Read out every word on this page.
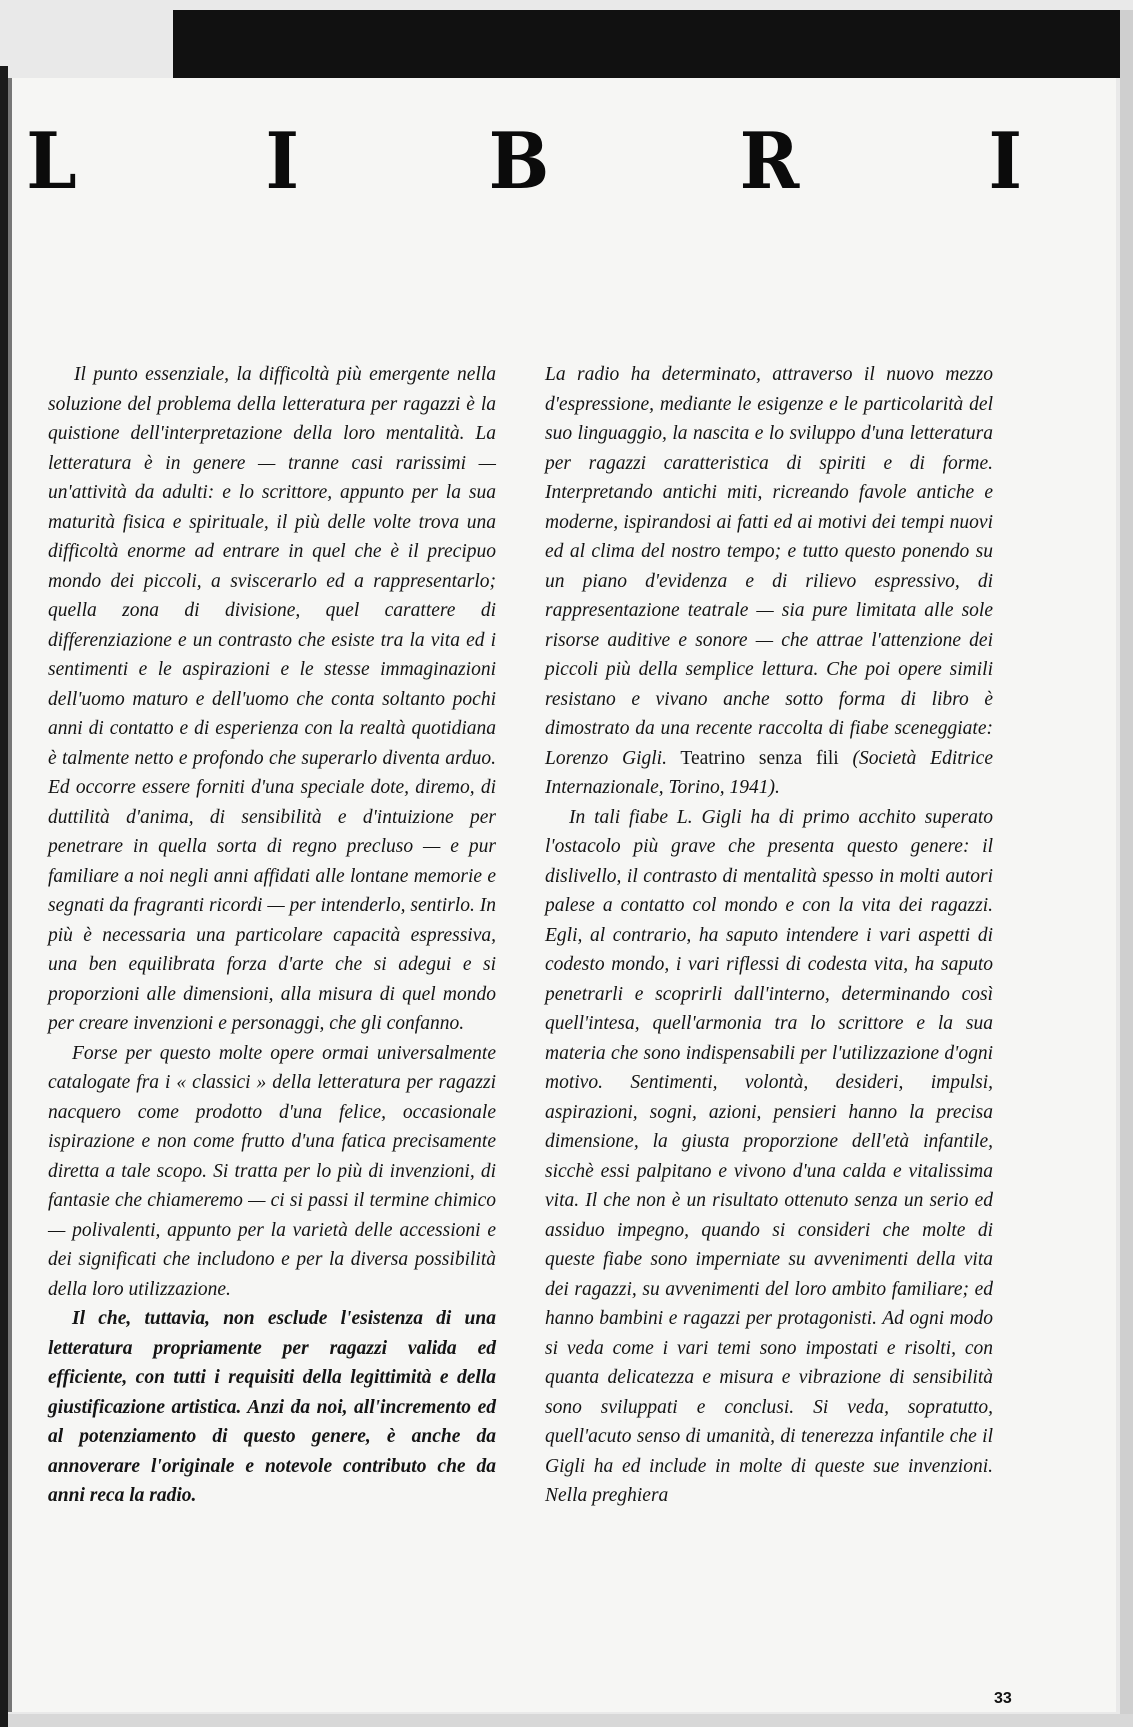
L I B R I

Il punto essenziale, la difficoltà più emergente nella soluzione del problema della letteratura per ragazzi è la quistione dell'interpretazione della loro mentalità. La letteratura è in genere — tranne casi rarissimi — un'attività da adulti: e lo scrittore, appunto per la sua maturità fisica e spirituale, il più delle volte trova una difficoltà enorme ad entrare in quel che è il precipuo mondo dei piccoli, a sviscerarlo ed a rappresentarlo; quella zona di divisione, quel carattere di differenziazione e un contrasto che esiste tra la vita ed i sentimenti e le aspirazioni e le stesse immaginazioni dell'uomo maturo e dell'uomo che conta soltanto pochi anni di contatto e di esperienza con la realtà quotidiana è talmente netto e profondo che superarlo diventa arduo. Ed occorre essere forniti d'una speciale dote, diremo, di duttilità d'anima, di sensibilità e d'intuizione per penetrare in quella sorta di regno precluso — e pur familiare a noi negli anni affidati alle lontane memorie e segnati da fragranti ricordi — per intenderlo, sentirlo. In più è necessaria una particolare capacità espressiva, una ben equilibrata forza d'arte che si adegui e si proporzioni alle dimensioni, alla misura di quel mondo per creare invenzioni e personaggi, che gli confanno.

Forse per questo molte opere ormai universalmente catalogate fra i « classici » della letteratura per ragazzi nacquero come prodotto d'una felice, occasionale ispirazione e non come frutto d'una fatica precisamente diretta a tale scopo. Si tratta per lo più di invenzioni, di fantasie che chiameremo — ci si passi il termine chimico — polivalenti, appunto per la varietà delle accessioni e dei significati che includono e per la diversa possibilità della loro utilizzazione.

Il che, tuttavia, non esclude l'esistenza di una letteratura propriamente per ragazzi valida ed efficiente, con tutti i requisiti della legittimità e della giustificazione artistica. Anzi da noi, all'incremento ed al potenziamento di questo genere, è anche da annoverare l'originale e notevole contributo che da anni reca la radio.

La radio ha determinato, attraverso il nuovo mezzo d'espressione, mediante le esigenze e le particolarità del suo linguaggio, la nascita e lo sviluppo d'una letteratura per ragazzi caratteristica di spiriti e di forme. Interpretando antichi miti, ricreando favole antiche e moderne, ispirandosi ai fatti ed ai motivi dei tempi nuovi ed al clima del nostro tempo; e tutto questo ponendo su un piano d'evidenza e di rilievo espressivo, di rappresentazione teatrale — sia pure limitata alle sole risorse auditive e sonore — che attrae l'attenzione dei piccoli più della semplice lettura. Che poi opere simili resistano e vivano anche sotto forma di libro è dimostrato da una recente raccolta di fiabe sceneggiate: Lorenzo Gigli. Teatrino senza fili (Società Editrice Internazionale, Torino, 1941).

In tali fiabe L. Gigli ha di primo acchito superato l'ostacolo più grave che presenta questo genere: il dislivello, il contrasto di mentalità spesso in molti autori palese a contatto col mondo e con la vita dei ragazzi. Egli, al contrario, ha saputo intendere i vari aspetti di codesto mondo, i vari riflessi di codesta vita, ha saputo penetrarli e scoprirli dall'interno, determinando così quell'intesa, quell'armonia tra lo scrittore e la sua materia che sono indispensabili per l'utilizzazione d'ogni motivo. Sentimenti, volontà, desideri, impulsi, aspirazioni, sogni, azioni, pensieri hanno la precisa dimensione, la giusta proporzione dell'età infantile, sicchè essi palpitano e vivono d'una calda e vitalissima vita. Il che non è un risultato ottenuto senza un serio ed assiduo impegno, quando si consideri che molte di queste fiabe sono imperniate su avvenimenti della vita dei ragazzi, su avvenimenti del loro ambito familiare; ed hanno bambini e ragazzi per protagonisti. Ad ogni modo si veda come i vari temi sono impostati e risolti, con quanta delicatezza e misura e vibrazione di sensibilità sono sviluppati e conclusi. Si veda, sopratutto, quell'acuto senso di umanità, di tenerezza infantile che il Gigli ha ed include in molte di queste sue invenzioni. Nella preghiera

33
